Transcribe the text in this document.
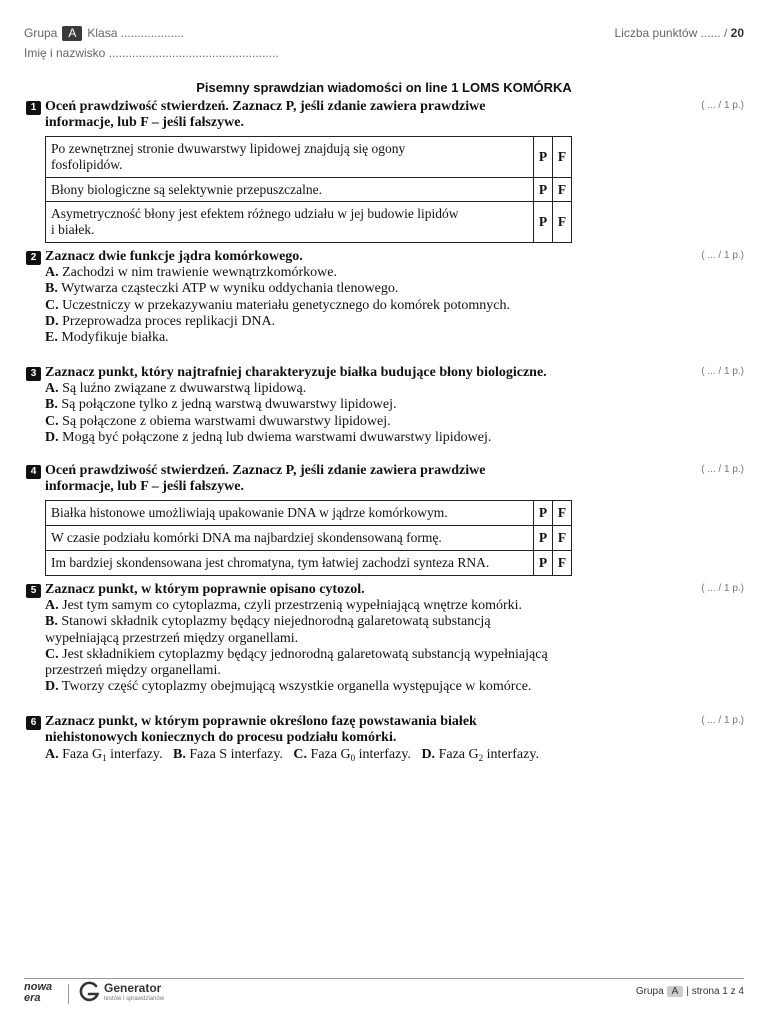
Grupa A Klasa ...................
Imię i nazwisko ...................................................
Liczba punktów ...... / 20
Pisemny sprawdzian wiadomości on line 1 LOMS KOMÓRKA
1 Oceń prawdziwość stwierdzeń. Zaznacz P, jeśli zdanie zawiera prawdziwe
informacje, lub F – jeśli fałszywe.
( ... / 1 p.)
Po zewnętrznej stronie dwuwarstwy lipidowej znajdują się ogony
fosfolipidów.	P	F
Błony biologiczne są selektywnie przepuszczalne.	P	F
Asymetryczność błony jest efektem różnego udziału w jej budowie lipidów
i białek.	P	F
2 Zaznacz dwie funkcje jądra komórkowego.	( ... / 1 p.)
A. Zachodzi w nim trawienie wewnątrzkomórkowe.
B. Wytwarza cząsteczki ATP w wyniku oddychania tlenowego.
C. Uczestniczy w przekazywaniu materiału genetycznego do komórek potomnych.
D. Przeprowadza proces replikacji DNA.
E. Modyfikuje białka.
3 Zaznacz punkt, który najtrafniej charakteryzuje białka budujące błony biologiczne.	( ... / 1 p.)
A. Są luźno związane z dwuwarstwą lipidową.
B. Są połączone tylko z jedną warstwą dwuwarstwy lipidowej.
C. Są połączone z obiema warstwami dwuwarstwy lipidowej.
D. Mogą być połączone z jedną lub dwiema warstwami dwuwarstwy lipidowej.
4 Oceń prawdziwość stwierdzeń. Zaznacz P, jeśli zdanie zawiera prawdziwe
informacje, lub F – jeśli fałszywe.
( ... / 1 p.)
Białka histonowe umożliwiają upakowanie DNA w jądrze komórkowym.	P	F
W czasie podziału komórki DNA ma najbardziej skondensowaną formę.	P	F
Im bardziej skondensowana jest chromatyna, tym łatwiej zachodzi synteza RNA.	P	F
5 Zaznacz punkt, w którym poprawnie opisano cytozol.	( ... / 1 p.)
A. Jest tym samym co cytoplazma, czyli przestrzenią wypełniającą wnętrze komórki.
B. Stanowi składnik cytoplazmy będący niejednorodną galaretowatą substancją
wypełniającą przestrzeń między organellami.
C. Jest składnikiem cytoplazmy będący jednorodną galaretowatą substancją wypełniającą
przestrzeń między organellami.
D. Tworzy część cytoplazmy obejmującą wszystkie organella występujące w komórce.
6 Zaznacz punkt, w którym poprawnie określono fazę powstawania białek
niehistonowych koniecznych do procesu podziału komórki.
( ... / 1 p.)
A. Faza $G_1$ interfazy. B. Faza S interfazy. C. Faza $G_0$ interfazy. D. Faza $G_2$ interfazy.
nowa
era
Generator
testów i sprawdzianów
Grupa A | strona 1 z 4
